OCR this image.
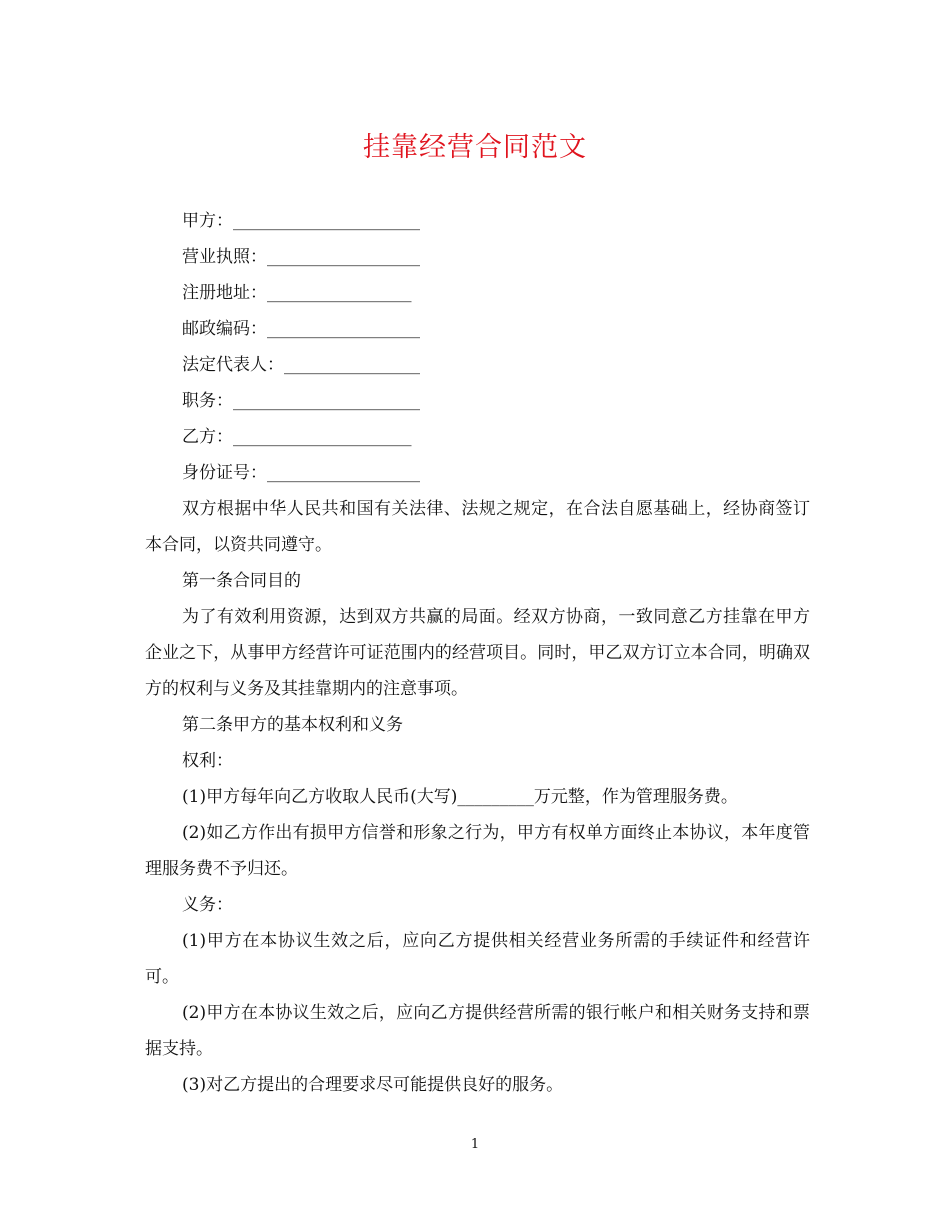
挂靠经营合同范文

甲方：______________________

营业执照：__________________

注册地址：_________________

邮政编码：__________________

法定代表人：________________

职务：______________________

乙方：_____________________

身份证号：__________________

双方根据中华人民共和国有关法律、法规之规定，在合法自愿基础上，经协商签订本合同，以资共同遵守。

第一条合同目的

为了有效利用资源，达到双方共赢的局面。经双方协商，一致同意乙方挂靠在甲方企业之下，从事甲方经营许可证范围内的经营项目。同时，甲乙双方订立本合同，明确双方的权利与义务及其挂靠期内的注意事项。

第二条甲方的基本权利和义务

权利：

(1)甲方每年向乙方收取人民币(大写)_________万元整，作为管理服务费。

(2)如乙方作出有损甲方信誉和形象之行为，甲方有权单方面终止本协议，本年度管理服务费不予归还。

义务：

(1)甲方在本协议生效之后，应向乙方提供相关经营业务所需的手续证件和经营许可。

(2)甲方在本协议生效之后，应向乙方提供经营所需的银行帐户和相关财务支持和票据支持。

(3)对乙方提出的合理要求尽可能提供良好的服务。

1
